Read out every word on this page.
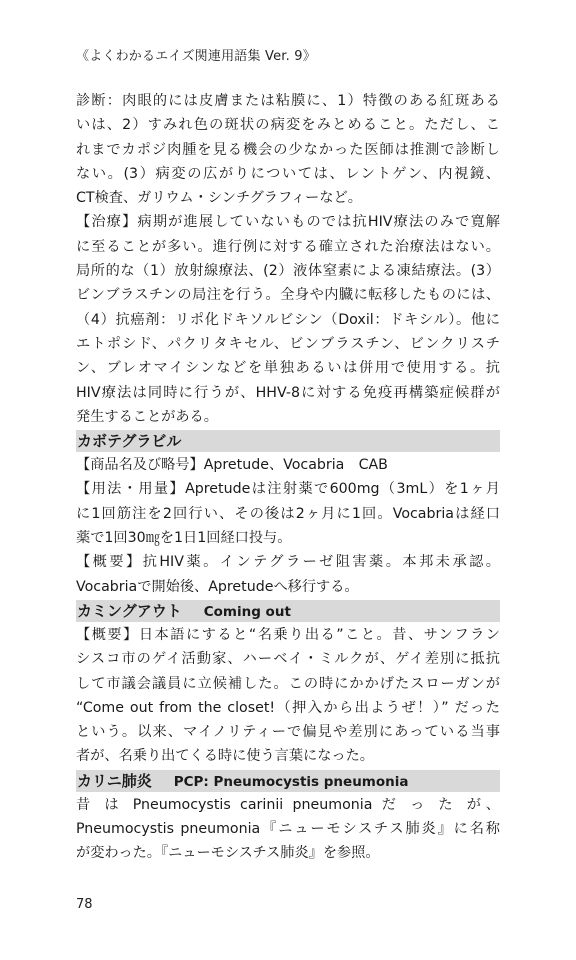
《よくわかるエイズ関連用語集 Ver. 9》
診断：肉眼的には皮膚または粘膜に、1）特徴のある紅斑ある
いは、2）すみれ色の斑状の病変をみとめること。ただし、こ
れまでカポジ肉腫を見る機会の少なかった医師は推測で診断し
ない。(3）病変の広がりについては、レントゲン、内視鏡、
CT検査、ガリウム・シンチグラフィーなど。
【治療】病期が進展していないものでは抗HIV療法のみで寛解
に至ることが多い。進行例に対する確立された治療法はない。
局所的な（1）放射線療法、(2）液体窒素による凍結療法。(3）
ビンブラスチンの局注を行う。全身や内臓に転移したものには、
（4）抗癌剤：リポ化ドキソルビシン（Doxil：ドキシル）。他に
エトポシド、パクリタキセル、ビンブラスチン、ビンクリスチ
ン、ブレオマイシンなどを単独あるいは併用で使用する。抗
HIV療法は同時に行うが、HHV-8に対する免疫再構築症候群が
発生することがある。
カボテグラビル
【商品名及び略号】Apretude、Vocabria　CAB
【用法・用量】Apretudeは注射薬で600mg（3mL）を1ヶ月
に1回筋注を2回行い、その後は2ヶ月に1回。Vocabriaは経口
薬で1回30㎎を1日1回経口投与。
【概要】抗HIV薬。インテグラーゼ阻害薬。本邦未承認。
Vocabriaで開始後、Apretudeへ移行する。
カミングアウト Coming out
【概要】日本語にすると“名乗り出る”こと。昔、サンフラン
シスコ市のゲイ活動家、ハーベイ・ミルクが、ゲイ差別に抵抗
して市議会議員に立候補した。この時にかかげたスローガンが
“Come out from the closet!（押入から出ようぜ！）” だった
という。以来、マイノリティーで偏見や差別にあっている当事
者が、名乗り出てくる時に使う言葉になった。
カリニ肺炎 PCP: Pneumocystis pneumonia
昔 は Pneumocystis carinii pneumonia だ っ た が、
Pneumocystis pneumonia『ニューモシスチス肺炎』に名称
が変わった。『ニューモシスチス肺炎』を参照。
78
